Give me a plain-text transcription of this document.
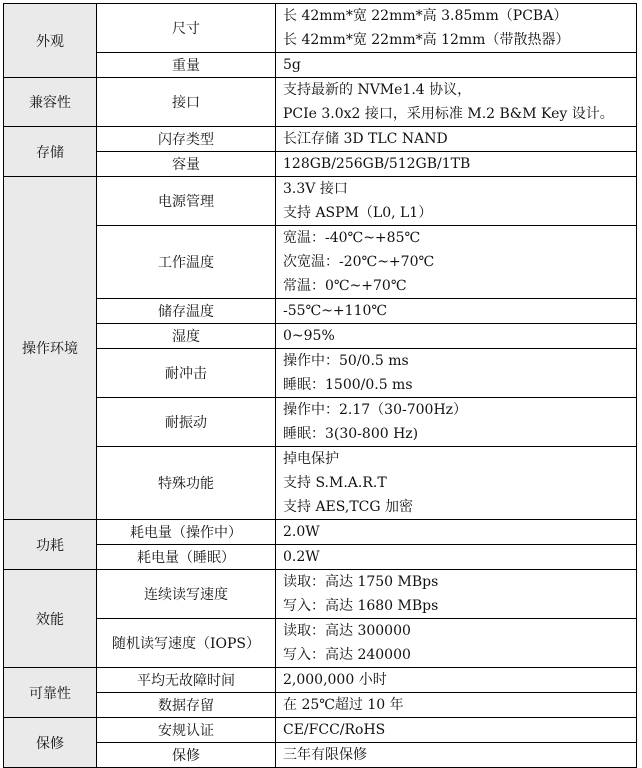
外观	尺寸	长 42mm*宽 22mm*高 3.85mm（PCBA）
长 42mm*宽 22mm*高 12mm（带散热器）

	重量	5g

兼容性	接口	支持最新的 NVMe1.4 协议，
PCIe 3.0x2 接口，采用标准 M.2 B&M Key 设计。

存储	闪存类型	长江存储 3D TLC NAND

	容量	128GB/256GB/512GB/1TB

操作环境	电源管理	3.3V 接口
支持 ASPM（L0, L1）

	工作温度	宽温：-40℃~+85℃
次宽温：-20℃~+70℃
常温：0℃~+70℃

	储存温度	-55℃~+110℃

	湿度	0~95%

	耐冲击	操作中：50/0.5 ms
睡眠：1500/0.5 ms

	耐振动	操作中：2.17（30-700Hz）
睡眠：3(30-800 Hz)

	特殊功能	掉电保护
支持 S.M.A.R.T
支持 AES,TCG 加密

功耗	耗电量（操作中）	2.0W

	耗电量（睡眠）	0.2W

效能	连续读写速度	读取：高达 1750 MBps
写入：高达 1680 MBps

	随机读写速度（IOPS）	读取：高达 300000
写入：高达 240000

可靠性	平均无故障时间	2,000,000 小时

	数据存留	在 25℃超过 10 年

保修	安规认证	CE/FCC/RoHS

	保修	三年有限保修
